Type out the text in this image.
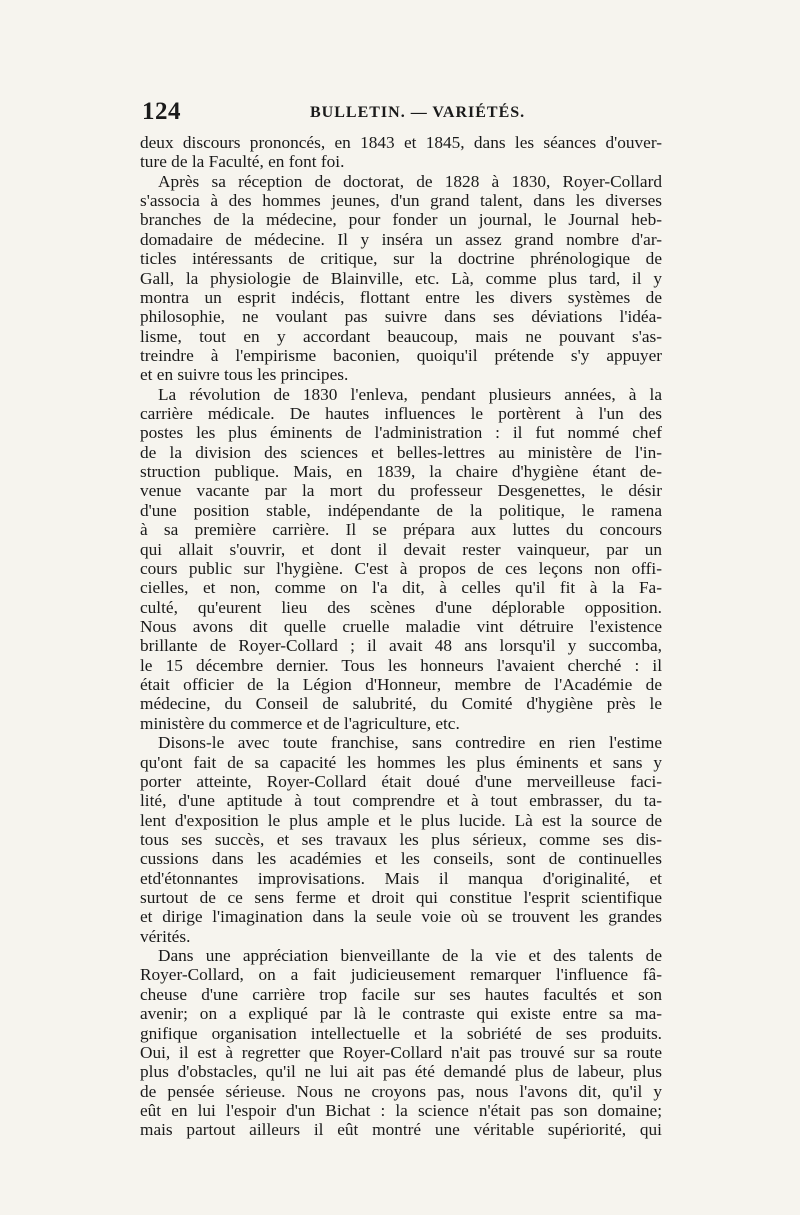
124	BULLETIN. — VARIÉTÉS.
deux discours prononcés, en 1843 et 1845, dans les séances d'ouver-
ture de la Faculté, en font foi.
Après sa réception de doctorat, de 1828 à 1830, Royer-Collard
s'associa à des hommes jeunes, d'un grand talent, dans les diverses
branches de la médecine, pour fonder un journal, le Journal heb-
domadaire de médecine. Il y inséra un assez grand nombre d'ar-
ticles intéressants de critique, sur la doctrine phrénologique de
Gall, la physiologie de Blainville, etc. Là, comme plus tard, il y
montra un esprit indécis, flottant entre les divers systèmes de
philosophie, ne voulant pas suivre dans ses déviations l'idéa-
lisme, tout en y accordant beaucoup, mais ne pouvant s'as-
treindre à l'empirisme baconien, quoiqu'il prétende s'y appuyer
et en suivre tous les principes.
La révolution de 1830 l'enleva, pendant plusieurs années, à la
carrière médicale. De hautes influences le portèrent à l'un des
postes les plus éminents de l'administration : il fut nommé chef
de la division des sciences et belles-lettres au ministère de l'in-
struction publique. Mais, en 1839, la chaire d'hygiène étant de-
venue vacante par la mort du professeur Desgenettes, le désir
d'une position stable, indépendante de la politique, le ramena
à sa première carrière. Il se prépara aux luttes du concours
qui allait s'ouvrir, et dont il devait rester vainqueur, par un
cours public sur l'hygiène. C'est à propos de ces leçons non offi-
cielles, et non, comme on l'a dit, à celles qu'il fit à la Fa-
culté, qu'eurent lieu des scènes d'une déplorable opposition.
Nous avons dit quelle cruelle maladie vint détruire l'existence
brillante de Royer-Collard ; il avait 48 ans lorsqu'il y succomba,
le 15 décembre dernier. Tous les honneurs l'avaient cherché : il
était officier de la Légion d'Honneur, membre de l'Académie de
médecine, du Conseil de salubrité, du Comité d'hygiène près le
ministère du commerce et de l'agriculture, etc.
Disons-le avec toute franchise, sans contredire en rien l'estime
qu'ont fait de sa capacité les hommes les plus éminents et sans y
porter atteinte, Royer-Collard était doué d'une merveilleuse faci-
lité, d'une aptitude à tout comprendre et à tout embrasser, du ta-
lent d'exposition le plus ample et le plus lucide. Là est la source de
tous ses succès, et ses travaux les plus sérieux, comme ses dis-
cussions dans les académies et les conseils, sont de continuelles
etd'étonnantes improvisations. Mais il manqua d'originalité, et
surtout de ce sens ferme et droit qui constitue l'esprit scientifique
et dirige l'imagination dans la seule voie où se trouvent les grandes
vérités.
Dans une appréciation bienveillante de la vie et des talents de
Royer-Collard, on a fait judicieusement remarquer l'influence fâ-
cheuse d'une carrière trop facile sur ses hautes facultés et son
avenir; on a expliqué par là le contraste qui existe entre sa ma-
gnifique organisation intellectuelle et la sobriété de ses produits.
Oui, il est à regretter que Royer-Collard n'ait pas trouvé sur sa route
plus d'obstacles, qu'il ne lui ait pas été demandé plus de labeur, plus
de pensée sérieuse. Nous ne croyons pas, nous l'avons dit, qu'il y
eût en lui l'espoir d'un Bichat : la science n'était pas son domaine;
mais partout ailleurs il eût montré une véritable supériorité, qui
